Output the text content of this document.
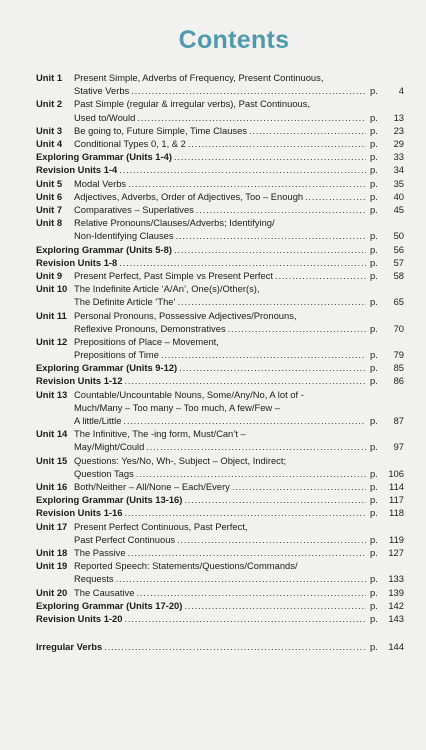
Contents
Unit 1	Present Simple, Adverbs of Frequency, Present Continuous,
Stative Verbs .....	p. 4
Unit 2	Past Simple (regular & irregular verbs), Past Continuous,
Used to/Would .....	p. 13
Unit 3	Be going to, Future Simple, Time Clauses .....	p. 23
Unit 4	Conditional Types 0, 1, & 2 .....	p. 29
Exploring Grammar (Units 1-4) .....	p. 33
Revision Units 1-4 .....	p. 34
Unit 5	Modal Verbs .....	p. 35
Unit 6	Adjectives, Adverbs, Order of Adjectives, Too – Enough .....	p. 40
Unit 7	Comparatives – Superlatives .....	p. 45
Unit 8	Relative Pronouns/Clauses/Adverbs; Identifying/
Non-Identifying Clauses .....	p. 50
Exploring Grammar (Units 5-8) .....	p. 56
Revision Units 1-8 .....	p. 57
Unit 9	Present Perfect, Past Simple vs Present Perfect .....	p. 58
Unit 10 The Indefinite Article ‘A/An’, One(s)/Other(s),
The Definite Article ‘The’ .....	p. 65
Unit 11 Personal Pronouns, Possessive Adjectives/Pronouns,
Reflexive Pronouns, Demonstratives .....	p. 70
Unit 12 Prepositions of Place – Movement,
Prepositions of Time .....	p. 79
Exploring Grammar (Units 9-12) .....	p. 85
Revision Units 1-12 .....	p. 86
Unit 13 Countable/Uncountable Nouns, Some/Any/No, A lot of -
Much/Many – Too many – Too much, A few/Few –
A little/Little .....	p. 87
Unit 14 The Infinitive, The -ing form, Must/Can’t –
May/Might/Could .....	p. 97
Unit 15 Questions: Yes/No, Wh-, Subject – Object, Indirect;
Question Tags .....	p. 106
Unit 16 Both/Neither – All/None – Each/Every .....	p. 114
Exploring Grammar (Units 13-16) .....	p. 117
Revision Units 1-16 .....	p. 118
Unit 17 Present Perfect Continuous, Past Perfect,
Past Perfect Continuous .....	p. 119
Unit 18 The Passive .....	p. 127
Unit 19 Reported Speech: Statements/Questions/Commands/
Requests .....	p. 133
Unit 20 The Causative .....	p. 139
Exploring Grammar (Units 17-20) .....	p. 142
Revision Units 1-20 .....	p. 143
Irregular Verbs .....	p. 144
